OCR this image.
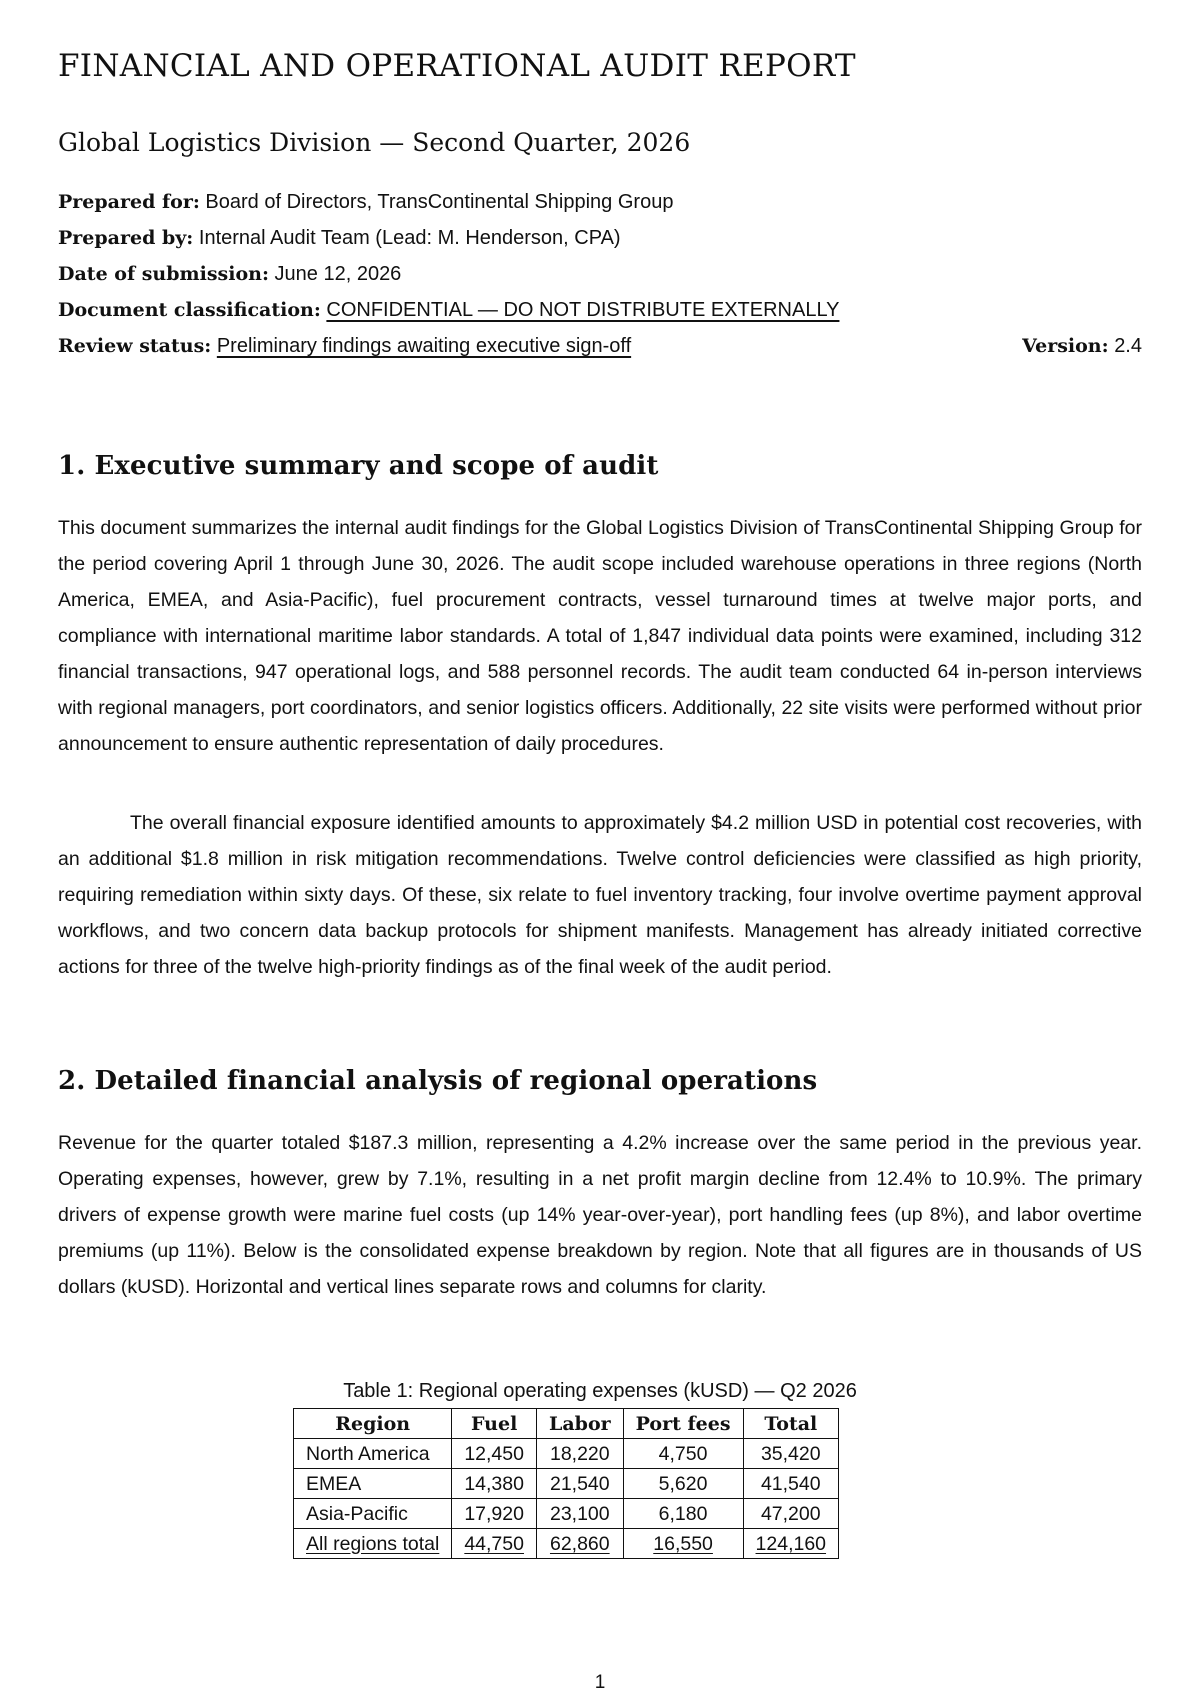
FINANCIAL AND OPERATIONAL AUDIT REPORT
Global Logistics Division — Second Quarter, 2026
Prepared for: Board of Directors, TransContinental Shipping Group
Prepared by: Internal Audit Team (Lead: M. Henderson, CPA)
Date of submission: June 12, 2026
Document classification: CONFIDENTIAL — DO NOT DISTRIBUTE EXTERNALLY
Review status: Preliminary findings awaiting executive sign-off	Version: 2.4
1. Executive summary and scope of audit

This document summarizes the internal audit findings for the Global Logistics Division of TransContinental Shipping Group for the period covering April 1 through June 30, 2026. The audit scope included warehouse operations in three regions (North America, EMEA, and Asia-Pacific), fuel procurement contracts, vessel turnaround times at twelve major ports, and compliance with international maritime labor standards. A total of 1,847 individual data points were examined, including 312 financial transactions, 947 operational logs, and 588 personnel records. The audit team conducted 64 in-person interviews with regional managers, port coordinators, and senior logistics officers. Additionally, 22 site visits were performed without prior announcement to ensure authentic representation of daily procedures.

The overall financial exposure identified amounts to approximately $4.2 million USD in potential cost recoveries, with an additional $1.8 million in risk mitigation recommendations. Twelve control deficiencies were classified as high priority, requiring remediation within sixty days. Of these, six relate to fuel inventory tracking, four involve overtime payment approval workflows, and two concern data backup protocols for shipment manifests. Management has already initiated corrective actions for three of the twelve high-priority findings as of the final week of the audit period.

2. Detailed financial analysis of regional operations

Revenue for the quarter totaled $187.3 million, representing a 4.2% increase over the same period in the previous year. Operating expenses, however, grew by 7.1%, resulting in a net profit margin decline from 12.4% to 10.9%. The primary drivers of expense growth were marine fuel costs (up 14% year-over-year), port handling fees (up 8%), and labor overtime premiums (up 11%). Below is the consolidated expense breakdown by region. Note that all figures are in thousands of US dollars (kUSD). Horizontal and vertical lines separate rows and columns for clarity.

Table 1: Regional operating expenses (kUSD) — Q2 2026
Region	Fuel	Labor	Port fees	Total
North America	12,450	18,220	4,750	35,420
EMEA	14,380	21,540	5,620	41,540
Asia-Pacific	17,920	23,100	6,180	47,200
All regions total	44,750	62,860	16,550	124,160
1
